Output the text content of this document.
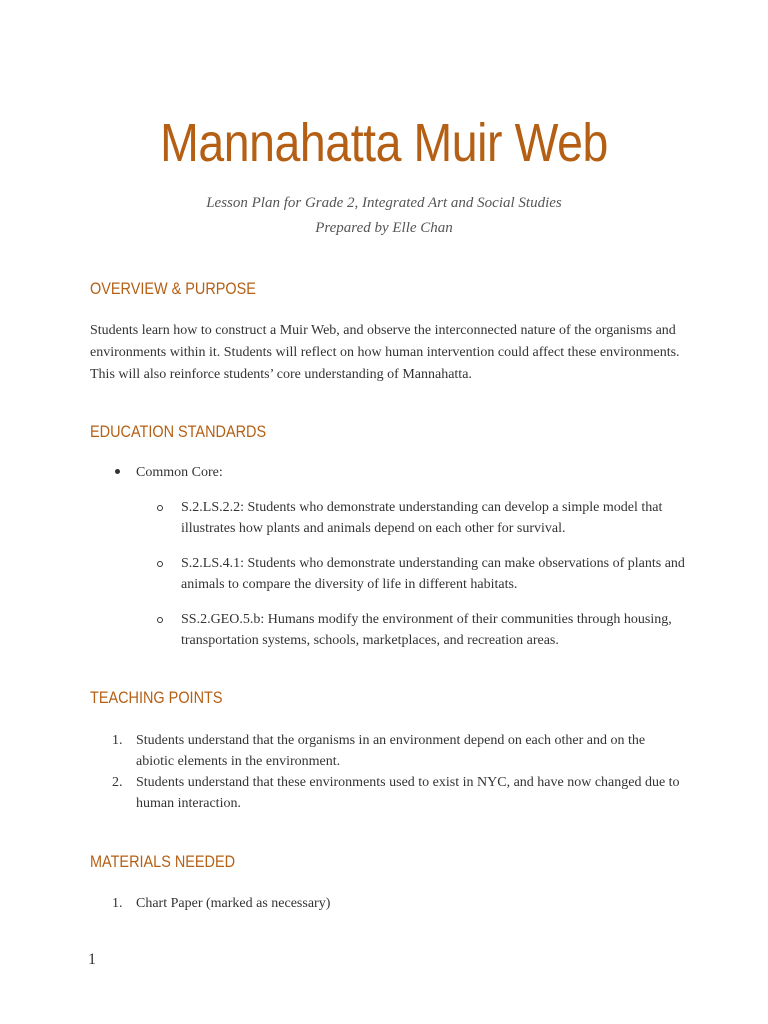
Mannahatta Muir Web
Lesson Plan for Grade 2, Integrated Art and Social Studies
Prepared by Elle Chan
OVERVIEW & PURPOSE

Students learn how to construct a Muir Web, and observe the interconnected nature of the organisms and

environments within it. Students will reflect on how human intervention could affect these environments.

This will also reinforce students’ core understanding of Mannahatta.

EDUCATION STANDARDS
Common Core:
S.2.LS.2.2: Students who demonstrate understanding can develop a simple model that
illustrates how plants and animals depend on each other for survival.
S.2.LS.4.1: Students who demonstrate understanding can make observations of plants and
animals to compare the diversity of life in different habitats.
SS.2.GEO.5.b: Humans modify the environment of their communities through housing,
transportation systems, schools, marketplaces, and recreation areas.
TEACHING POINTS
1. Students understand that the organisms in an environment depend on each other and on the
abiotic elements in the environment.
2. Students understand that these environments used to exist in NYC, and have now changed due to
human interaction.
MATERIALS NEEDED
1. Chart Paper (marked as necessary)
1
